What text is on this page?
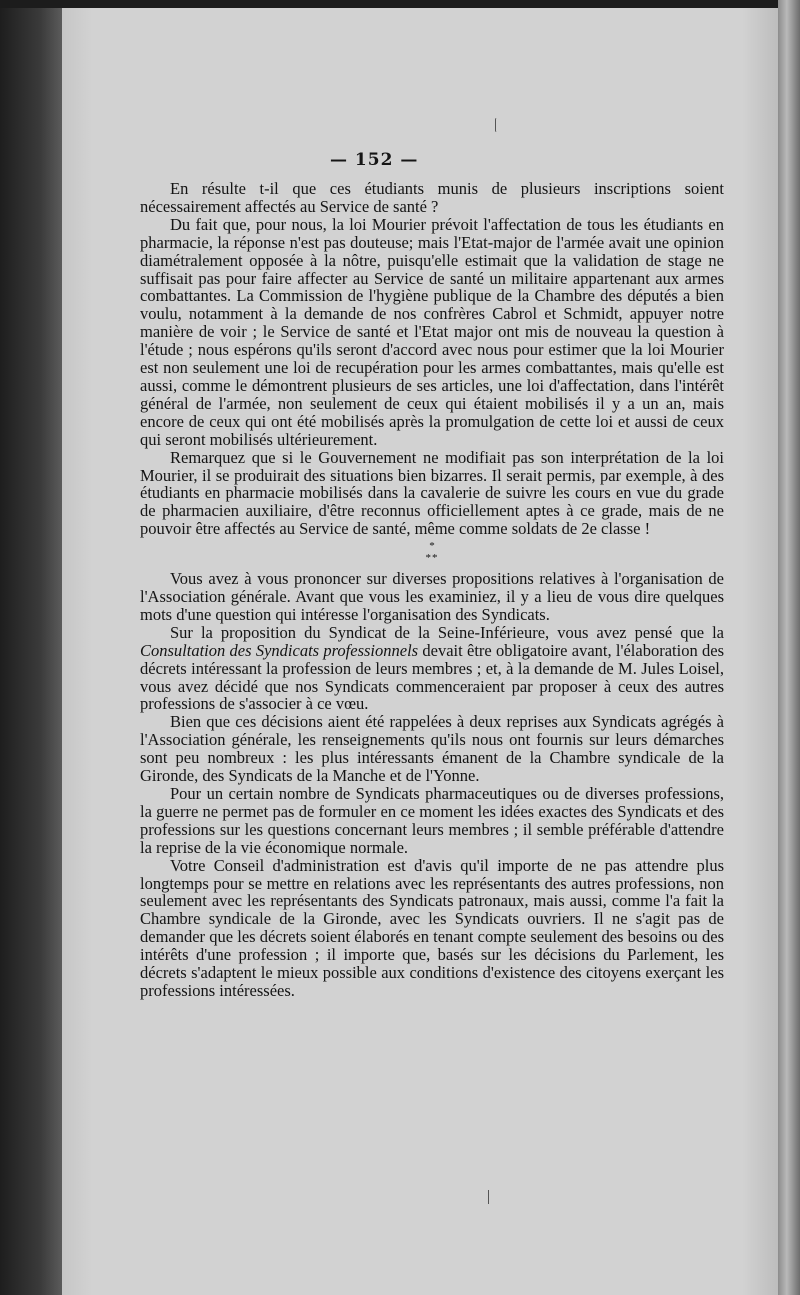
— 152 —

En résulte t-il que ces étudiants munis de plusieurs inscriptions soient nécessairement affectés au Service de santé ?

Du fait que, pour nous, la loi Mourier prévoit l'affectation de tous les étudiants en pharmacie, la réponse n'est pas douteuse; mais l'Etat-major de l'armée avait une opinion diamétralement opposée à la nôtre, puisqu'elle estimait que la validation de stage ne suffisait pas pour faire affecter au Service de santé un militaire appartenant aux armes combattantes. La Commission de l'hygiène publique de la Chambre des députés a bien voulu, notamment à la demande de nos confrères Cabrol et Schmidt, appuyer notre manière de voir ; le Service de santé et l'Etat major ont mis de nouveau la question à l'étude ; nous espérons qu'ils seront d'accord avec nous pour estimer que la loi Mourier est non seulement une loi de recupération pour les armes combattantes, mais qu'elle est aussi, comme le démontrent plusieurs de ses articles, une loi d'affectation, dans l'intérêt général de l'armée, non seulement de ceux qui étaient mobilisés il y a un an, mais encore de ceux qui ont été mobilisés après la promulgation de cette loi et aussi de ceux qui seront mobilisés ultérieurement.

Remarquez que si le Gouvernement ne modifiait pas son interprétation de la loi Mourier, il se produirait des situations bien bizarres. Il serait permis, par exemple, à des étudiants en pharmacie mobilisés dans la cavalerie de suivre les cours en vue du grade de pharmacien auxiliaire, d'être reconnus officiellement aptes à ce grade, mais de ne pouvoir être affectés au Service de santé, même comme soldats de 2e classe !

*
**

Vous avez à vous prononcer sur diverses propositions relatives à l'organisation de l'Association générale. Avant que vous les examiniez, il y a lieu de vous dire quelques mots d'une question qui intéresse l'organisation des Syndicats.

Sur la proposition du Syndicat de la Seine-Inférieure, vous avez pensé que la Consultation des Syndicats professionnels devait être obligatoire avant, l'élaboration des décrets intéressant la profession de leurs membres ; et, à la demande de M. Jules Loisel, vous avez décidé que nos Syndicats commenceraient par proposer à ceux des autres professions de s'associer à ce vœu.

Bien que ces décisions aient été rappelées à deux reprises aux Syndicats agrégés à l'Association générale, les renseignements qu'ils nous ont fournis sur leurs démarches sont peu nombreux : les plus intéressants émanent de la Chambre syndicale de la Gironde, des Syndicats de la Manche et de l'Yonne.

Pour un certain nombre de Syndicats pharmaceutiques ou de diverses professions, la guerre ne permet pas de formuler en ce moment les idées exactes des Syndicats et des professions sur les questions concernant leurs membres ; il semble préférable d'attendre la reprise de la vie économique normale.

Votre Conseil d'administration est d'avis qu'il importe de ne pas attendre plus longtemps pour se mettre en relations avec les représentants des autres professions, non seulement avec les représentants des Syndicats patronaux, mais aussi, comme l'a fait la Chambre syndicale de la Gironde, avec les Syndicats ouvriers. Il ne s'agit pas de demander que les décrets soient élaborés en tenant compte seulement des besoins ou des intérêts d'une profession ; il importe que, basés sur les décisions du Parlement, les décrets s'adaptent le mieux possible aux conditions d'existence des citoyens exerçant les professions intéressées.
